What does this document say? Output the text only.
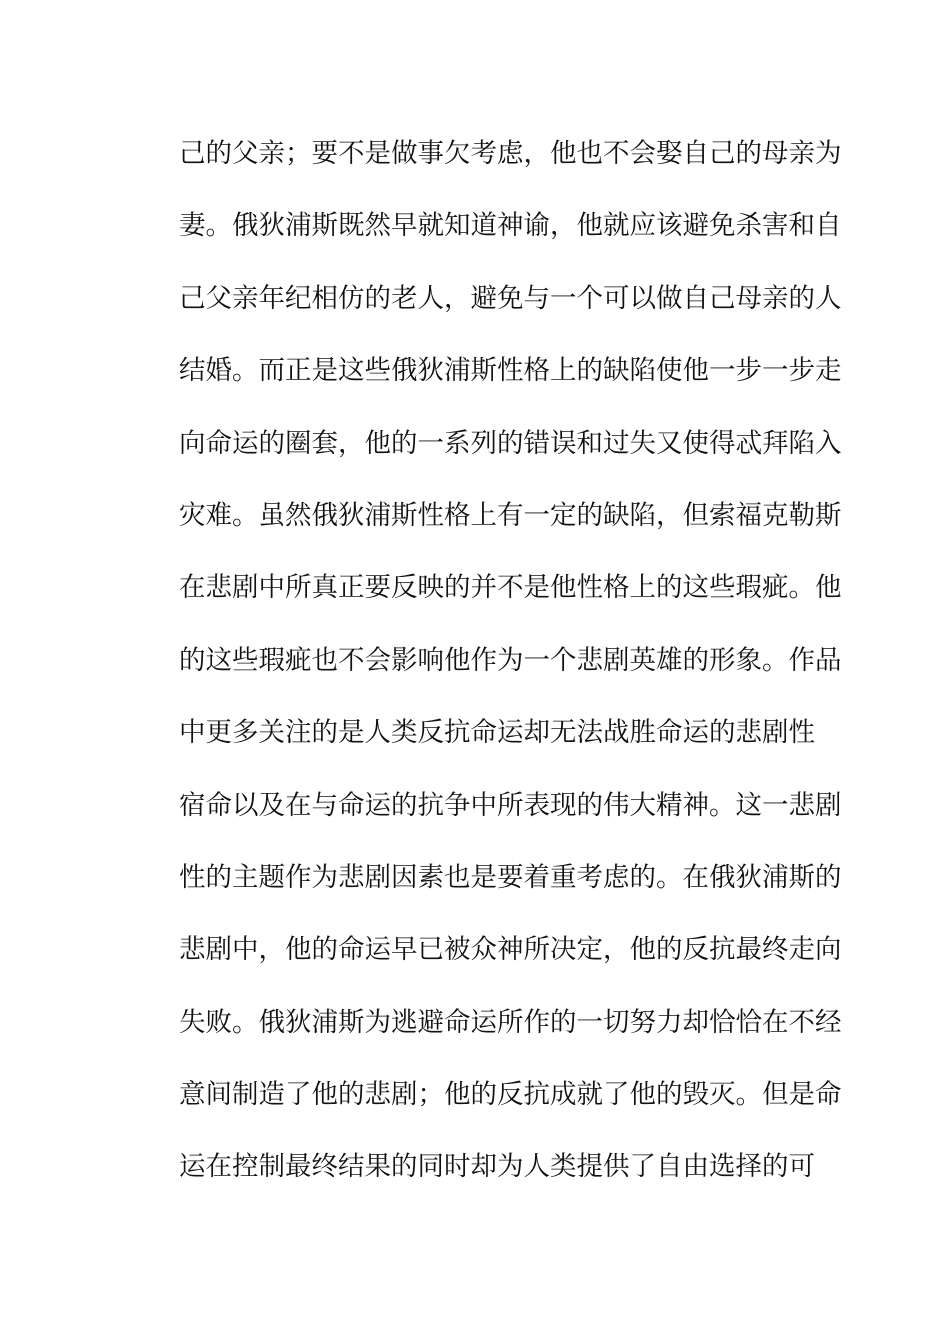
己的父亲；要不是做事欠考虑，他也不会娶自己的母亲为
妻。俄狄浦斯既然早就知道神谕，他就应该避免杀害和自
己父亲年纪相仿的老人，避免与一个可以做自己母亲的人
结婚。而正是这些俄狄浦斯性格上的缺陷使他一步一步走
向命运的圈套，他的一系列的错误和过失又使得忒拜陷入
灾难。虽然俄狄浦斯性格上有一定的缺陷，但索福克勒斯
在悲剧中所真正要反映的并不是他性格上的这些瑕疵。他
的这些瑕疵也不会影响他作为一个悲剧英雄的形象。作品
中更多关注的是人类反抗命运却无法战胜命运的悲剧性
宿命以及在与命运的抗争中所表现的伟大精神。这一悲剧
性的主题作为悲剧因素也是要着重考虑的。在俄狄浦斯的
悲剧中，他的命运早已被众神所决定，他的反抗最终走向
失败。俄狄浦斯为逃避命运所作的一切努力却恰恰在不经
意间制造了他的悲剧；他的反抗成就了他的毁灭。但是命
运在控制最终结果的同时却为人类提供了自由选择的可
